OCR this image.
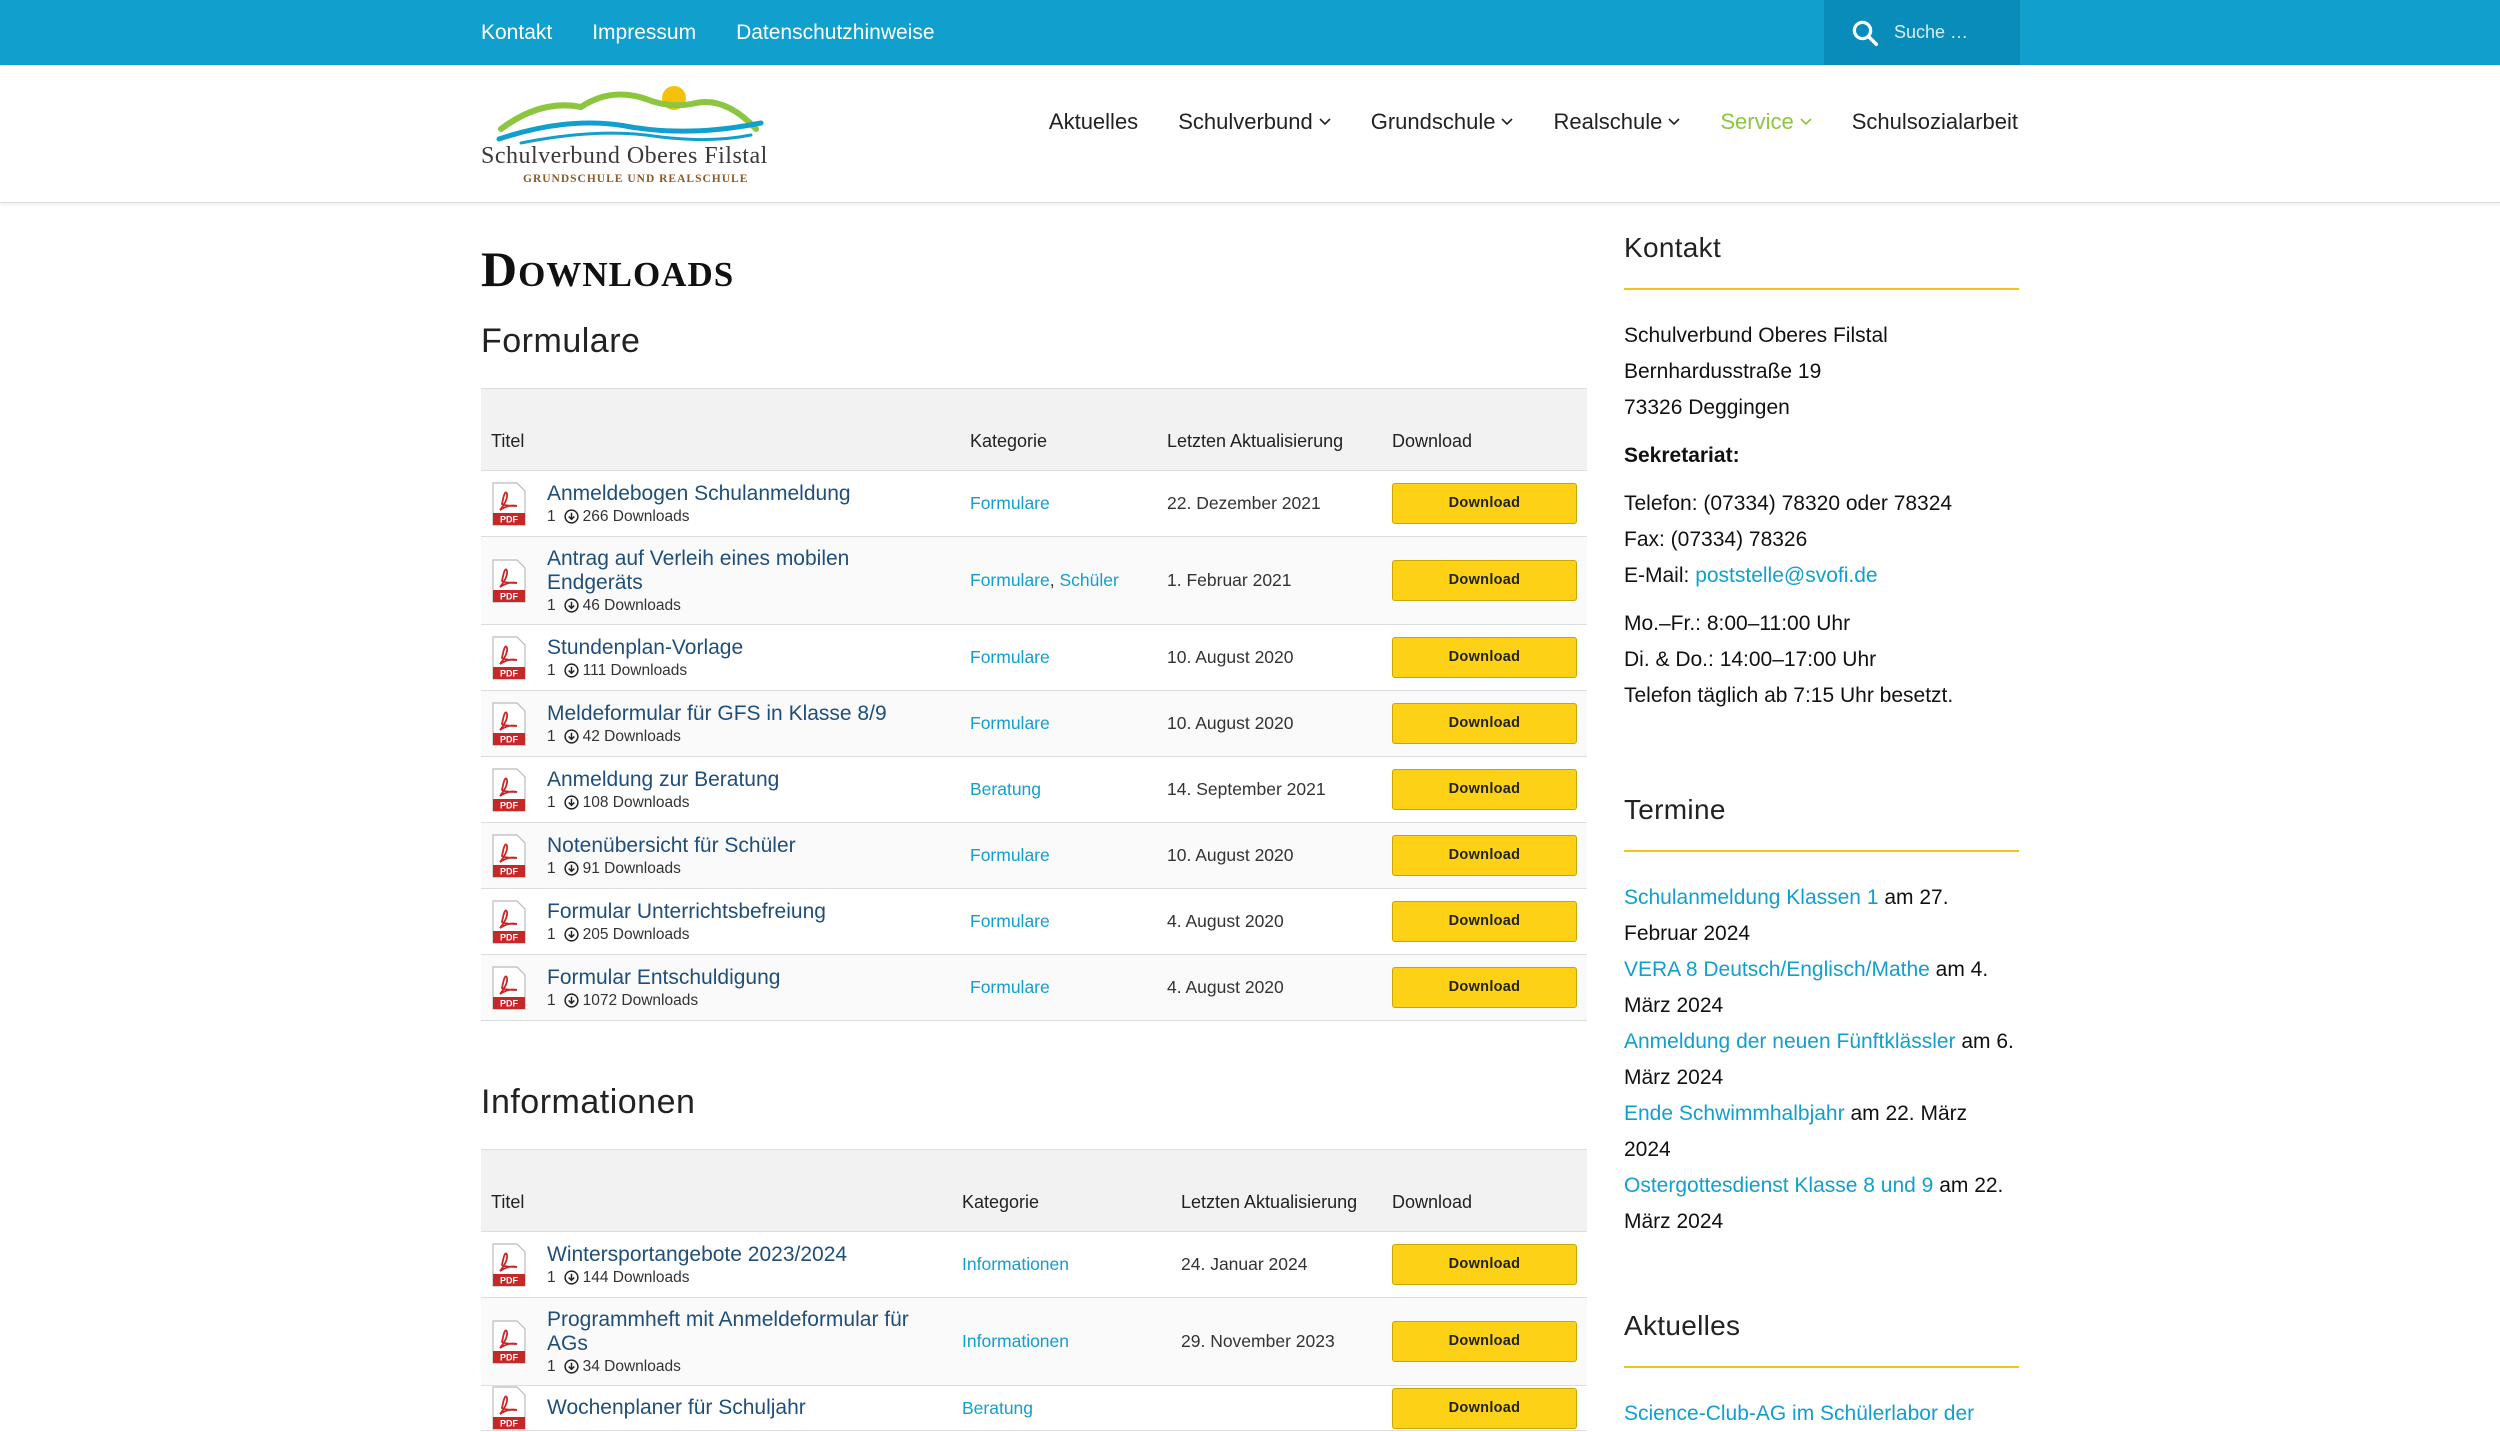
Kontakt Impressum Datenschutzhinweise
Suche …
Schulverbund Oberes Filstal
GRUNDSCHULE UND REALSCHULE
Aktuelles Schulverbund	Grundschule	Realschule	Service	Schulsozialarbeit
Downloads
Formulare
Titel	Kategorie	Letzten Aktualisierung	Download

PDF
Anmeldebogen Schulanmeldung
1 266 Downloads	Formulare	22. Dezember 2021	Download

PDF
Antrag auf Verleih eines mobilen Endgeräts
1 46 Downloads	Formulare, Schüler	1. Februar 2021	Download

PDF
Stundenplan-Vorlage
1 111 Downloads	Formulare	10. August 2020	Download

PDF
Meldeformular für GFS in Klasse 8/9
1 42 Downloads	Formulare	10. August 2020	Download

PDF
Anmeldung zur Beratung
1 108 Downloads	Beratung	14. September 2021	Download

PDF
Notenübersicht für Schüler
1 91 Downloads	Formulare	10. August 2020	Download

PDF
Formular Unterrichtsbefreiung
1 205 Downloads	Formulare	4. August 2020	Download

PDF
Formular Entschuldigung
1 1072 Downloads	Formulare	4. August 2020	Download
Informationen
Titel	Kategorie	Letzten Aktualisierung	Download

PDF
Wintersportangebote 2023/2024
1 144 Downloads	Informationen	24. Januar 2024	Download

PDF
Programmheft mit Anmeldeformular für AGs
1 34 Downloads	Informationen	29. November 2023	Download

PDF
Wochenplaner für Schuljahr	Beratung		Download
Kontakt

Schulverbund Oberes Filstal

Bernhardusstraße 19

73326 Deggingen

Sekretariat:

Telefon: (07334) 78320 oder 78324

Fax: (07334) 78326

E-Mail: poststelle@svofi.de

Mo.–Fr.: 8:00–11:00 Uhr

Di. & Do.: 14:00–17:00 Uhr

Telefon täglich ab 7:15 Uhr besetzt.

Termine

Schulanmeldung Klassen 1 am 27. Februar 2024

VERA 8 Deutsch/Englisch/Mathe am 4. März 2024

Anmeldung der neuen Fünftklässler am 6. März 2024

Ende Schwimmhalbjahr am 22. März 2024

Ostergottesdienst Klasse 8 und 9 am 22. März 2024

Aktuelles

Science-Club-AG im Schülerlabor der
